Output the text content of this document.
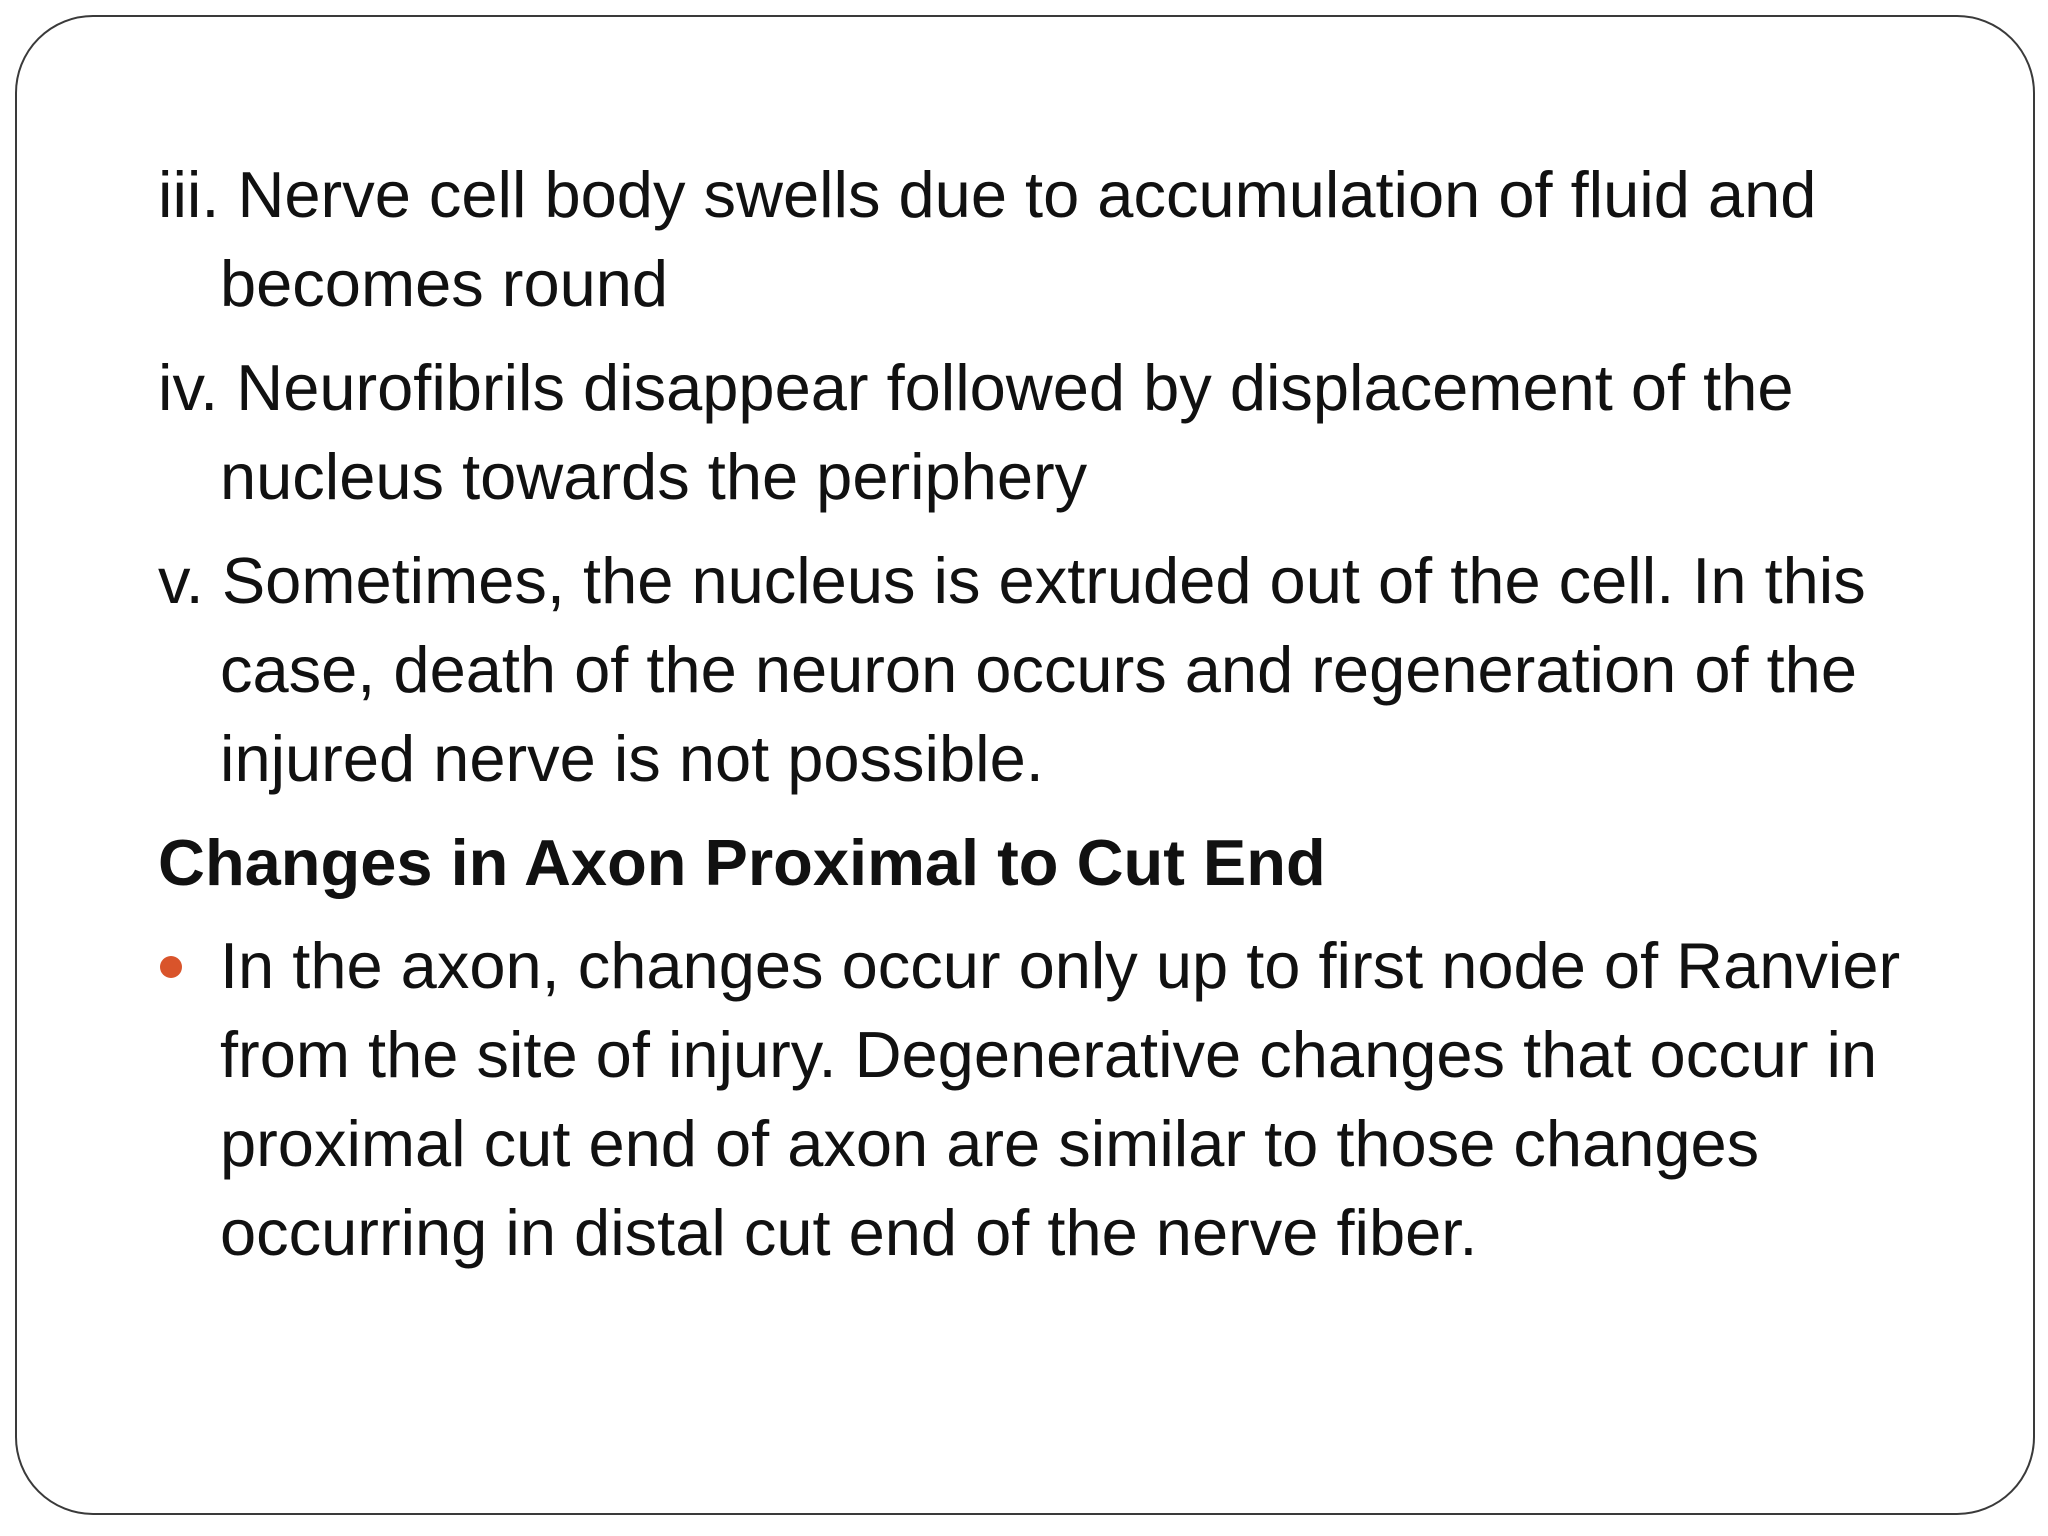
iii. Nerve cell body swells due to accumulation of fluid and becomes round

iv. Neurofibrils disappear followed by displacement of the nucleus towards the periphery

v. Sometimes, the nucleus is extruded out of the cell. In this case, death of the neuron occurs and regeneration of the injured nerve is not possible.

Changes in Axon Proximal to Cut End

In the axon, changes occur only up to first node of Ranvier from the site of injury. Degenerative changes that occur in proximal cut end of axon are similar to those changes occurring in distal cut end of the nerve fiber.
